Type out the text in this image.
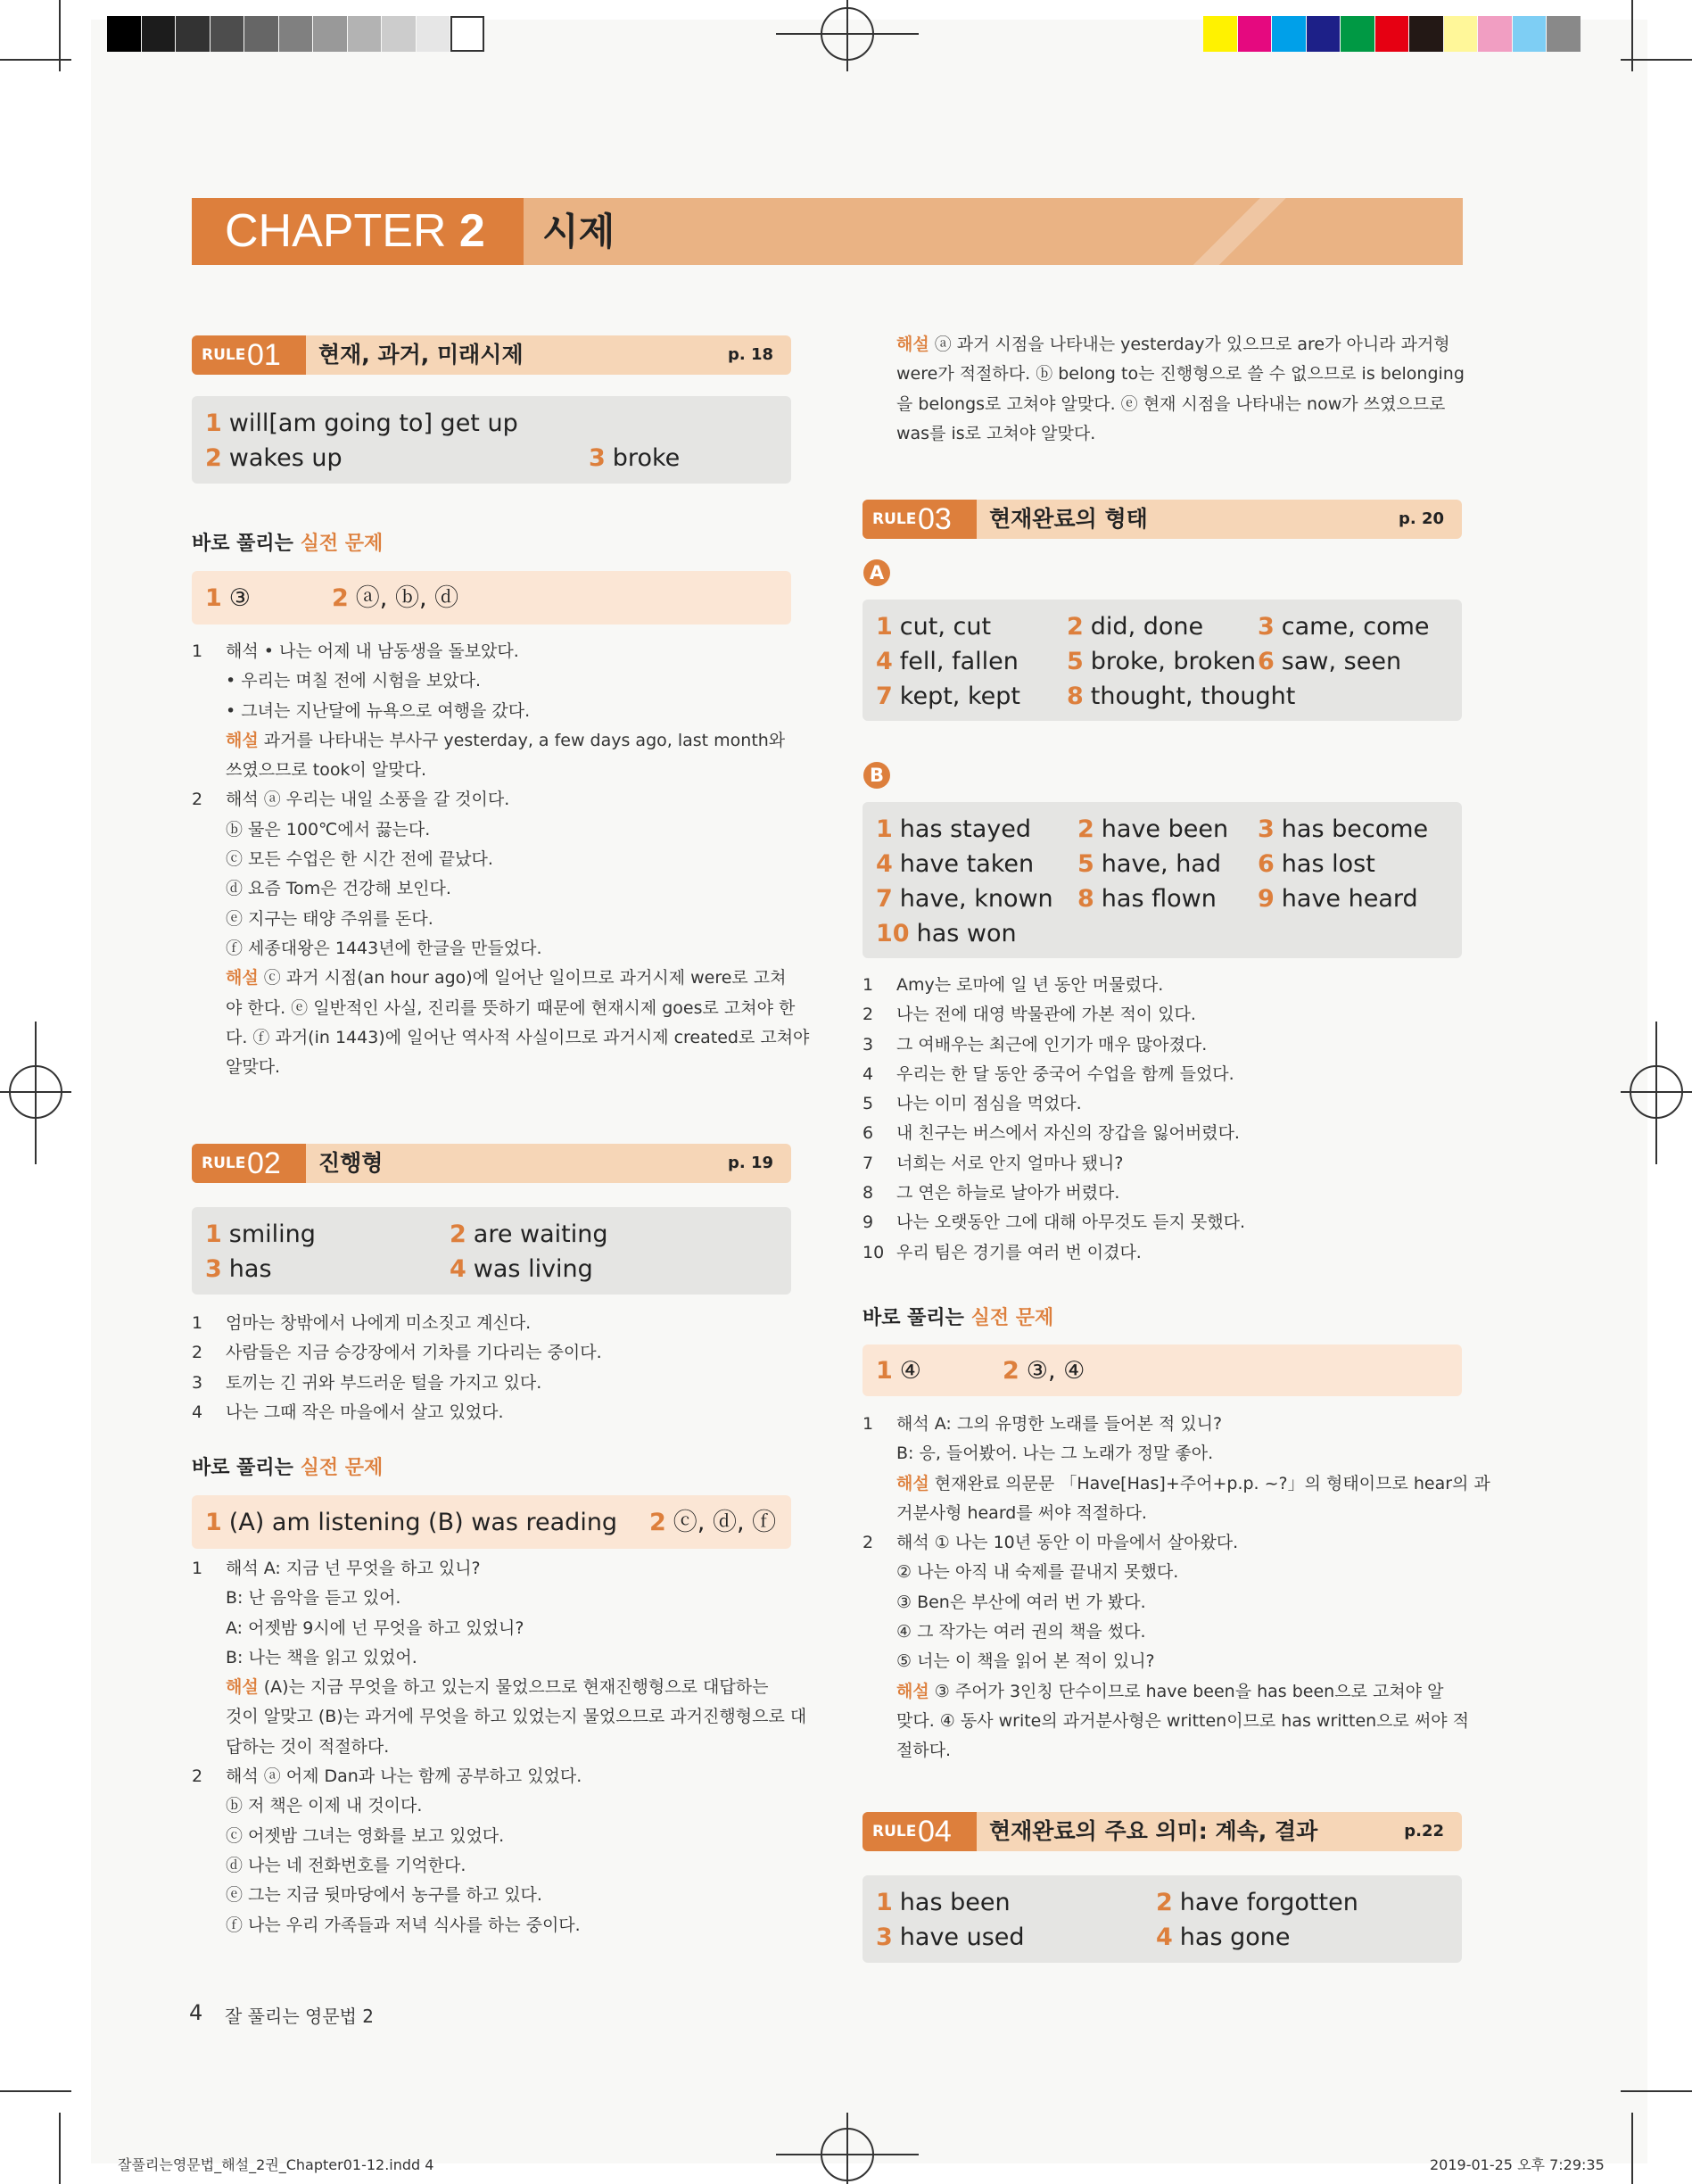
CHAPTER 2	시제
RULE 01 현재, 과거, 미래시제	p. 18
1 will[am going to] get up
2 wakes up	3 broke
바로 풀리는 실전 문제
1 ③	2 ⓐ, ⓑ, ⓓ
1 해석 • 나는 어제 내 남동생을 돌보았다.
• 우리는 며칠 전에 시험을 보았다.
• 그녀는 지난달에 뉴욕으로 여행을 갔다.
해설 과거를 나타내는 부사구 yesterday, a few days ago, last month와
쓰였으므로 took이 알맞다.
2 해석 ⓐ 우리는 내일 소풍을 갈 것이다.
ⓑ 물은 100℃에서 끓는다.
ⓒ 모든 수업은 한 시간 전에 끝났다.
ⓓ 요즘 Tom은 건강해 보인다.
ⓔ 지구는 태양 주위를 돈다.
ⓕ 세종대왕은 1443년에 한글을 만들었다.
해설 ⓒ 과거 시점(an hour ago)에 일어난 일이므로 과거시제 were로 고쳐
야 한다. ⓔ 일반적인 사실, 진리를 뜻하기 때문에 현재시제 goes로 고쳐야 한
다. ⓕ 과거(in 1443)에 일어난 역사적 사실이므로 과거시제 created로 고쳐야
알맞다.
RULE 02 진행형	p. 19
1 smiling	2 are waiting
3 has	4 was living
1 엄마는 창밖에서 나에게 미소짓고 계신다.
2 사람들은 지금 승강장에서 기차를 기다리는 중이다.
3 토끼는 긴 귀와 부드러운 털을 가지고 있다.
4 나는 그때 작은 마을에서 살고 있었다.
바로 풀리는 실전 문제
1 (A) am listening (B) was reading 2 ⓒ, ⓓ, ⓕ
1 해석 A: 지금 넌 무엇을 하고 있니?
B: 난 음악을 듣고 있어.
A: 어젯밤 9시에 넌 무엇을 하고 있었니?
B: 나는 책을 읽고 있었어.
해설 (A)는 지금 무엇을 하고 있는지 물었으므로 현재진행형으로 대답하는
것이 알맞고 (B)는 과거에 무엇을 하고 있었는지 물었으므로 과거진행형으로 대
답하는 것이 적절하다.
2 해석 ⓐ 어제 Dan과 나는 함께 공부하고 있었다.
ⓑ 저 책은 이제 내 것이다.
ⓒ 어젯밤 그녀는 영화를 보고 있었다.
ⓓ 나는 네 전화번호를 기억한다.
ⓔ 그는 지금 뒷마당에서 농구를 하고 있다.
ⓕ 나는 우리 가족들과 저녁 식사를 하는 중이다.
4 잘 풀리는 영문법 2
해설 ⓐ 과거 시점을 나타내는 yesterday가 있으므로 are가 아니라 과거형
were가 적절하다. ⓑ belong to는 진행형으로 쓸 수 없으므로 is belonging
을 belongs로 고쳐야 알맞다. ⓔ 현재 시점을 나타내는 now가 쓰였으므로
was를 is로 고쳐야 알맞다.
RULE 03 현재완료의 형태	p. 20
A
1 cut, cut	2 did, done 3 came, come
4 fell, fallen 5 broke, broken 6 saw, seen
7 kept, kept 8 thought, thought
B
1 has stayed 2 have been 3 has become
4 have taken 5 have, had 6 has lost
7 have, known 8 has flown 9 have heard
10 has won
1 Amy는 로마에 일 년 동안 머물렀다.
2 나는 전에 대영 박물관에 가본 적이 있다.
3 그 여배우는 최근에 인기가 매우 많아졌다.
4 우리는 한 달 동안 중국어 수업을 함께 들었다.
5 나는 이미 점심을 먹었다.
6 내 친구는 버스에서 자신의 장갑을 잃어버렸다.
7 너희는 서로 안지 얼마나 됐니?
8 그 연은 하늘로 날아가 버렸다.
9 나는 오랫동안 그에 대해 아무것도 듣지 못했다.
10 우리 팀은 경기를 여러 번 이겼다.
바로 풀리는 실전 문제
1 ④	2 ③, ④
1 해석 A: 그의 유명한 노래를 들어본 적 있니?
B: 응, 들어봤어. 나는 그 노래가 정말 좋아.
해설 현재완료 의문문 「Have[Has]+주어+p.p. ~?」의 형태이므로 hear의 과
거분사형 heard를 써야 적절하다.
2 해석 ① 나는 10년 동안 이 마을에서 살아왔다.
② 나는 아직 내 숙제를 끝내지 못했다.
③ Ben은 부산에 여러 번 가 봤다.
④ 그 작가는 여러 권의 책을 썼다.
⑤ 너는 이 책을 읽어 본 적이 있니?
해설 ③ 주어가 3인칭 단수이므로 have been을 has been으로 고쳐야 알
맞다. ④ 동사 write의 과거분사형은 written이므로 has written으로 써야 적
절하다.
RULE 04 현재완료의 주요 의미: 계속, 결과	p.22
1 has been	2 have forgotten
3 have used	4 has gone
잘풀리는영문법_해설_2권_Chapter01-12.indd 4	2019-01-25 오후 7:29:35
